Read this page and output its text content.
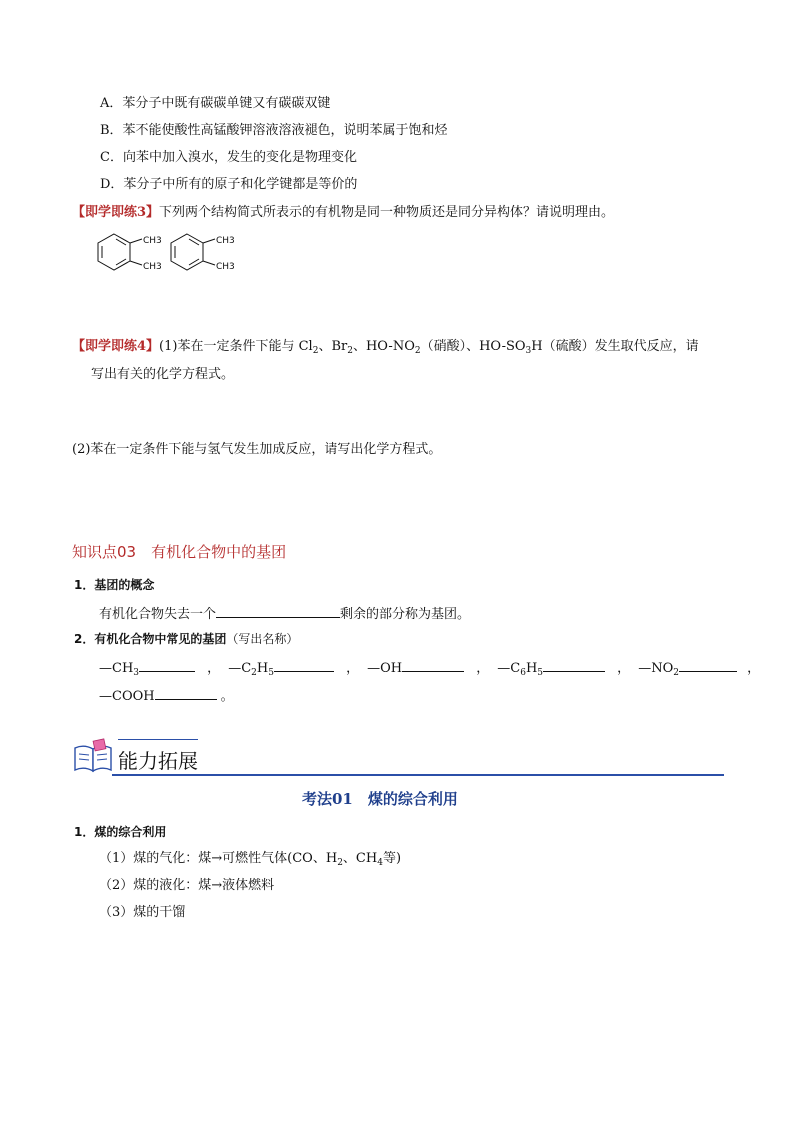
A．苯分子中既有碳碳单键又有碳碳双键
B．苯不能使酸性高锰酸钾溶液溶液褪色，说明苯属于饱和烃
C．向苯中加入溴水，发生的变化是物理变化
D．苯分子中所有的原子和化学键都是等价的
【即学即练3】下列两个结构简式所表示的有机物是同一种物质还是同分异构体？请说明理由。
CH3
CH3
CH3
CH3
【即学即练4】(1)苯在一定条件下能与 $Cl_2$、$Br_2$、$HO-NO_2$（硝酸）、$HO-SO_3H$（硫酸）发生取代反应，请
写出有关的化学方程式。
(2)苯在一定条件下能与氢气发生加成反应，请写出化学方程式。
知识点03　有机化合物中的基团
1．基团的概念
有机化合物失去一个	剩余的部分称为基团。
2．有机化合物中常见的基团（写出名称）
$—CH_3$	， $—C_2H_5$	， —OH	， $—C_6H_5$	， $—NO_2$	，
—COOH	。
能力拓展
考法01　煤的综合利用
1．煤的综合利用
（1）煤的气化：煤→可燃性气体(CO、$H_2$、$CH_4$等)
（2）煤的液化：煤→液体燃料
（3）煤的干馏
